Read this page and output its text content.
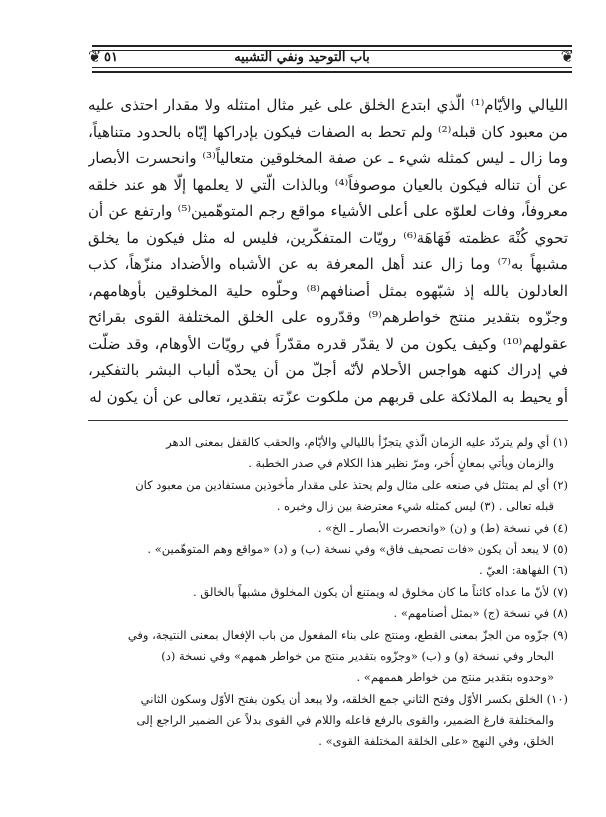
❦
❦	باب التوحيد ونفي التشبيه
٥١
الليالي والأيّام⁽¹⁾ الّذي ابتدع الخلق على غير مثال امتثله ولا مقدار احتذى عليه
من معبود كان قبله⁽²⁾ ولم تحط به الصفات فيكون بإدراكها إيّاه بالحدود متناهياً،
وما زال ـ ليس كمثله شيء ـ عن صفة المخلوقين متعالياً⁽³⁾ وانحسرت الأبصار
عن أن تناله فيكون بالعيان موصوفاً⁽⁴⁾ وبالذات الّتي لا يعلمها إلّا هو عند خلقه
معروفاً، وفات لعلوّه على أعلى الأشياء مواقع رجم المتوهّمين⁽⁵⁾ وارتفع عن أن
تحوي كُنْهَ عظمته فَهَاهَة⁽⁶⁾ رويّات المتفكّرين، فليس له مثل فيكون ما يخلق
مشبهاً به⁽⁷⁾ وما زال عند أهل المعرفة به عن الأشباه والأضداد منزّهاً، كذب
العادلون بالله إذ شبّهوه بمثل أصنافهم⁽⁸⁾ وحلّوه حلية المخلوقين بأوهامهم،
وجزّوه بتقدير منتج خواطرهم⁽⁹⁾ وقدّروه على الخلق المختلفة القوى بقرائح
عقولهم⁽¹⁰⁾ وكيف يكون من لا يقدّر قدره مقدّراً في رويّات الأوهام، وقد ضلّت
في إدراك كنهه هواجس الأحلام لأنّه أجلّ من أن يحدّه ألباب البشر بالتفكير،
أو يحيط به الملائكة على قربهم من ملكوت عزّته بتقدير، تعالى عن أن يكون له
(١) أي ولم يتردّد عليه الزمان الّذي يتجزّأ بالليالي والأيّام، والحقب كالقفل بمعنى الدهر
والزمان ويأتي بمعانٍ أُخر، ومرّ نظير هذا الكلام في صدر الخطبة .
(٢) أي لم يمتثل في صنعه على مثال ولم يحتذ على مقدار مأخوذين مستفادين من معبود كان
قبله تعالى . (٣) ليس كمثله شيء معترضة بين زال وخبره .
(٤) في نسخة (ط) و (ن) «وانحصرت الأبصار ـ الخ» .
(٥) لا يبعد أن يكون «فات تصحيف فاق» وفي نسخة (ب) و (د) «مواقع وهم المتوهّمين» .
(٦) الفهاهة: العيّ .
(٧) لأنّ ما عداه كائناً ما كان مخلوق له ويمتنع أن يكون المخلوق مشبهاً بالخالق .
(٨) في نسخة (ج) «بمثل أصنامهم» .
(٩) جزّوه من الجزّ بمعنى القطع، ومنتج على بناء المفعول من باب الإفعال بمعنى النتيجة، وفي
البحار وفي نسخة (و) و (ب) «وجزّوه بتقدير منتج من خواطر همهم» وفي نسخة (د)
«وحدوه بتقدير منتج من خواطر هممهم» .
(١٠) الخلق بكسر الأوّل وفتح الثاني جمع الخلقه، ولا يبعد أن يكون بفتح الأوّل وسكون الثاني
والمختلفة فارغ الضمير، والقوى بالرفع فاعله واللام في القوى بدلاً عن الضمير الراجع إلى
الخلق، وفي النهج «على الخلقة المختلفة القوى» .
